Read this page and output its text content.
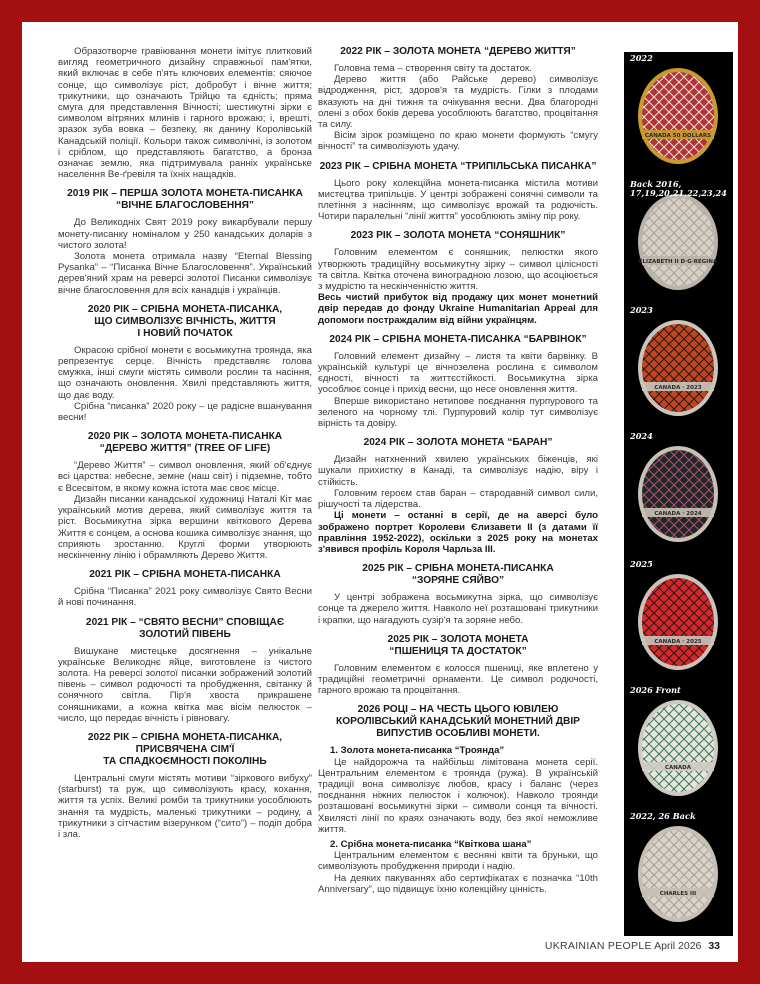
Образотворче гравіювання монети імітує плитковий вигляд геометричного дизайну справжньої пам'ятки, який включає в себе п'ять ключових елементів: сяючое сонце, що символізує ріст, добробут і вічне життя; трикутники, що означають Трійцю та єдність; пряма смуга для представлення Вічності; шестикутні зірки є символом вітряних млинів і гарного врожаю; і, врешті, зразок зуба вовка – безпеку, як данину Королівській Канадській поліції. Кольори також символічні, із золотом і сріблом, що представляють багатство, а бронза означає землю, яка підтримувала ранніх українське населення Ве-ґревіля та їхніх нащадків.

2019 РІК – ПЕРША ЗОЛОТА МОНЕТА-ПИСАНКА
“ВІЧНЕ БЛАГОСЛОВЕННЯ”

До Великодніх Свят 2019 року викарбували першу монету-писанку номіналом у 250 канадських доларів з чистого золота!

Золота монета отримала назву “Eternal Blessing Pysanka” – “Писанка Вічне Благословення”. Український дерев'яний храм на реверсі золотої Писанки символізує вічне благословення для всіх канадців і українців.

2020 РІК – СРІБНА МОНЕТА-ПИСАНКА,
ЩО СИМВОЛІЗУЄ ВІЧНІСТЬ, ЖИТТЯ
І НОВИЙ ПОЧАТОК

Окрасою срібної монети є восьмикутна троянда, яка репрезентує серце. Вічність представляє голова смужка, інші смуги містять символи рослин та насіння, що означають оновлення. Хвилі представляють життя, що дає воду.

Срібна “писанка” 2020 року – це радісне вшанування весни!

2020 РІК – ЗОЛОТА МОНЕТА-ПИСАНКА
“ДЕРЕВО ЖИТТЯ” (TREE OF LIFE)

“Дерево Життя” – символ оновлення, який об'єднує всі царства: небесне, земне (наш світ) і підземне, тобто є Всесвітом, в якому кожна істота має своє місце.

Дизайн писанки канадської художниці Наталі Кіт має український мотив дерева, який символізує життя та ріст. Восьмикутна зірка вершини квіткового Дерева Життя є сонцем, а основа кошика символізує знання, що сприяють зростанню. Круглі форми утворюють нескінченну лінію і обрамляють Дерево Життя.

2021 РІК – СРІБНА МОНЕТА-ПИСАНКА

Срібна “Писанка” 2021 року символізує Свято Весни й нові починання.

2021 РІК – “СВЯТО ВЕСНИ” СПОВІЩАЄ
ЗОЛОТИЙ ПІВЕНЬ

Вишукане мистецьке досягнення – унікальне українське Великоднє яйце, виготовлене із чистого золота. На реверсі золотої писанки зображений золотий півень – символ родючості та пробудження, світанку й сонячного світла. Пір'я хвоста прикрашене соняшниками, а кожна квітка має вісім пелюсток – число, що передає вічність і рівновагу.

2022 РІК – СРІБНА МОНЕТА-ПИСАНКА,
ПРИСВЯЧЕНА СІМ'Ї
ТА СПАДКОЄМНОСТІ ПОКОЛІНЬ

Центральні смуги містять мотиви “зіркового вибуху” (starburst) та руж, що символізують красу, кохання, життя та успіх. Великі ромби та трикутники уособлюють знання та мудрість, маленькі трикутники – родину, а трикутники з сітчастим візерунком (“сито”) – подіп добра і зла.

2022 РІК – ЗОЛОТА МОНЕТА “ДЕРЕВО ЖИТТЯ”

Головна тема – створення світу та достаток.

Дерево життя (або Райське дерево) символізує відродження, ріст, здоров'я та мудрість. Гілки з плодами вказують на дні тижня та очікування весни. Два благородні олені з обох боків дерева уособлюють багатство, процвітання та силу.

Вісім зірок розміщено по краю монети формують “смугу вічності” та символізують удачу.

2023 РІК – СРІБНА МОНЕТА “ТРИПІЛЬСЬКА ПИСАНКА”

Цього року колекційна монета-писанка містила мотиви мистецтва трипільців. У центрі зображені сонячні символи та плетіння з насінням, що символізує врожай та родючість. Чотири паралельні “лінії життя” уособлюють зміну пір року.

2023 РІК – ЗОЛОТА МОНЕТА “СОНЯШНИК”

Головним елементом є соняшник, пелюстки якого утворюють традиційну восьмикутну зірку – символ цілісності та світла. Квітка оточена виноградною лозою, що асоціюється з мудрістю та нескінченністю життя.

Весь чистий прибуток від продажу цих монет монетний двір передав до фонду Ukraine Humanitarian Appeal для допомоги постраждалим від війни українцям.

2024 РІК – СРІБНА МОНЕТА-ПИСАНКА “БАРВІНОК”

Головний елемент дизайну – листя та квіти барвінку. В українській культурі це вічнозелена рослина є символом єдності, вічності та життєстійкості. Восьмикутна зірка уособлює сонце і прихід весни, що несе оновлення життя.

Вперше використано нетипове поєднання пурпурового та зеленого на чорному тлі. Пурпуровий колір тут символізує вірність та довіру.

2024 РІК – ЗОЛОТА МОНЕТА “БАРАН”

Дизайн натхненний хвилею українських біженців, які шукали прихистку в Канаді, та символізує надію, віру і стійкість.

Головним героєм став баран – стародавній символ сили, рішучості та лідерства.

Ці монети – останні в серії, де на аверсі було зображено портрет Королеви Єлизавети ІІ (з датами її правління 1952-2022), оскільки з 2025 року на монетах з'явився профіль Короля Чарльза ІІІ.

2025 РІК – СРІБНА МОНЕТА-ПИСАНКА
“ЗОРЯНЕ СЯЙВО”

У центрі зображена восьмикутна зірка, що символізує сонце та джерело життя. Навколо неї розташовані трикутники і крапки, що нагадують сузір'я та зоряне небо.

2025 РІК – ЗОЛОТА МОНЕТА
“ПШЕНИЦЯ ТА ДОСТАТОК”

Головним елементом є колосся пшениці, яке вплетено у традиційні геометричні орнаменти. Це символ родючості, гарного врожаю та процвітання.

2026 РОЦІ – НА ЧЕСТЬ ЦЬОГО ЮВІЛЕЮ
КОРОЛІВСЬКИЙ КАНАДСЬКИЙ МОНЕТНИЙ ДВІР
ВИПУСТИВ ОСОБЛИВІ МОНЕТИ.

1. Золота монета-писанка “Троянда”

Це найдорожча та найбільш лімітована монета серії. Центральним елементом є троянда (ружа). В українській традиції вона символізує любов, красу і баланс (через поєднання ніжних пелюсток і колючок). Навколо троянди розташовані восьмикутні зірки – символи сонця та вічності. Хвилясті лінії по краях означають воду, без якої неможливе життя.

2. Срібна монета-писанка “Квіткова шана”

Центральним елементом є весняні квіти та бруньки, що символізують пробудження природи і надію.

На деяких пакуваннях або сертифікатах є позначка “10th Anniversary”, що підвищує їхню колекційну цінність.

CANADA 50 DOLLARS
2022
ELIZABETH II D·G·REGINA
Back 2016, 17,19,20,21,22,23,24
CANADA · 2023
2023
CANADA · 2024
2024
CANADA · 2025
2025
CANADA
2026 Front
CHARLES III
2022, 26 Back
UKRAINIAN PEOPLE April 2026 33
